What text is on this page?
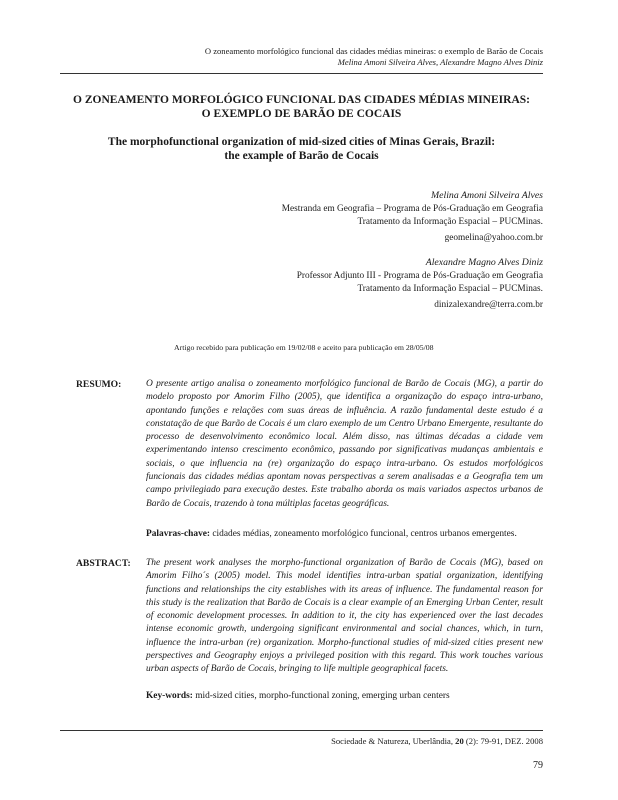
O zoneamento morfológico funcional das cidades médias mineiras: o exemplo de Barão de Cocais
Melina Amoni Silveira Alves, Alexandre Magno Alves Diniz
O ZONEAMENTO MORFOLÓGICO FUNCIONAL DAS CIDADES MÉDIAS MINEIRAS:
O EXEMPLO DE BARÃO DE COCAIS
The morphofunctional organization of mid-sized cities of Minas Gerais, Brazil:
the example of Barão de Cocais
Melina Amoni Silveira Alves
Mestranda em Geografia – Programa de Pós-Graduação em Geografia
Tratamento da Informação Espacial – PUCMinas.
geomelina@yahoo.com.br
Alexandre Magno Alves Diniz
Professor Adjunto III - Programa de Pós-Graduação em Geografia
Tratamento da Informação Espacial – PUCMinas.
dinizalexandre@terra.com.br
Artigo recebido para publicação em 19/02/08 e aceito para publicação em 28/05/08
RESUMO:	O presente artigo analisa o zoneamento morfológico funcional de Barão de Cocais (MG), a partir do modelo proposto por Amorim Filho (2005), que identifica a organização do espaço intra-urbano, apontando funções e relações com suas áreas de influência. A razão fundamental deste estudo é a constatação de que Barão de Cocais é um claro exemplo de um Centro Urbano Emergente, resultante do processo de desenvolvimento econômico local. Além disso, nas últimas décadas a cidade vem experimentando intenso crescimento econômico, passando por significativas mudanças ambientais e sociais, o que influencia na (re) organização do espaço intra-urbano. Os estudos morfológicos funcionais das cidades médias apontam novas perspectivas a serem analisadas e a Geografia tem um campo privilegiado para execução destes. Este trabalho aborda os mais variados aspectos urbanos de Barão de Cocais, trazendo à tona múltiplas facetas geográficas.
Palavras-chave: cidades médias, zoneamento morfológico funcional, centros urbanos emergentes.
ABSTRACT: The present work analyses the morpho-functional organization of Barão de Cocais (MG), based on Amorim Filho´s (2005) model. This model identifies intra-urban spatial organization, identifying functions and relationships the city establishes with its areas of influence. The fundamental reason for this study is the realization that Barão de Cocais is a clear example of an Emerging Urban Center, result of economic development processes. In addition to it, the city has experienced over the last decades intense economic growth, undergoing significant environmental and social chances, which, in turn, influence the intra-urban (re) organization. Morpho-functional studies of mid-sized cities present new perspectives and Geography enjoys a privileged position with this regard. This work touches various urban aspects of Barão de Cocais, bringing to life multiple geographical facets.
Key-words: mid-sized cities, morpho-functional zoning, emerging urban centers
Sociedade & Natureza, Uberlândia, 20 (2): 79-91, DEZ. 2008
79
